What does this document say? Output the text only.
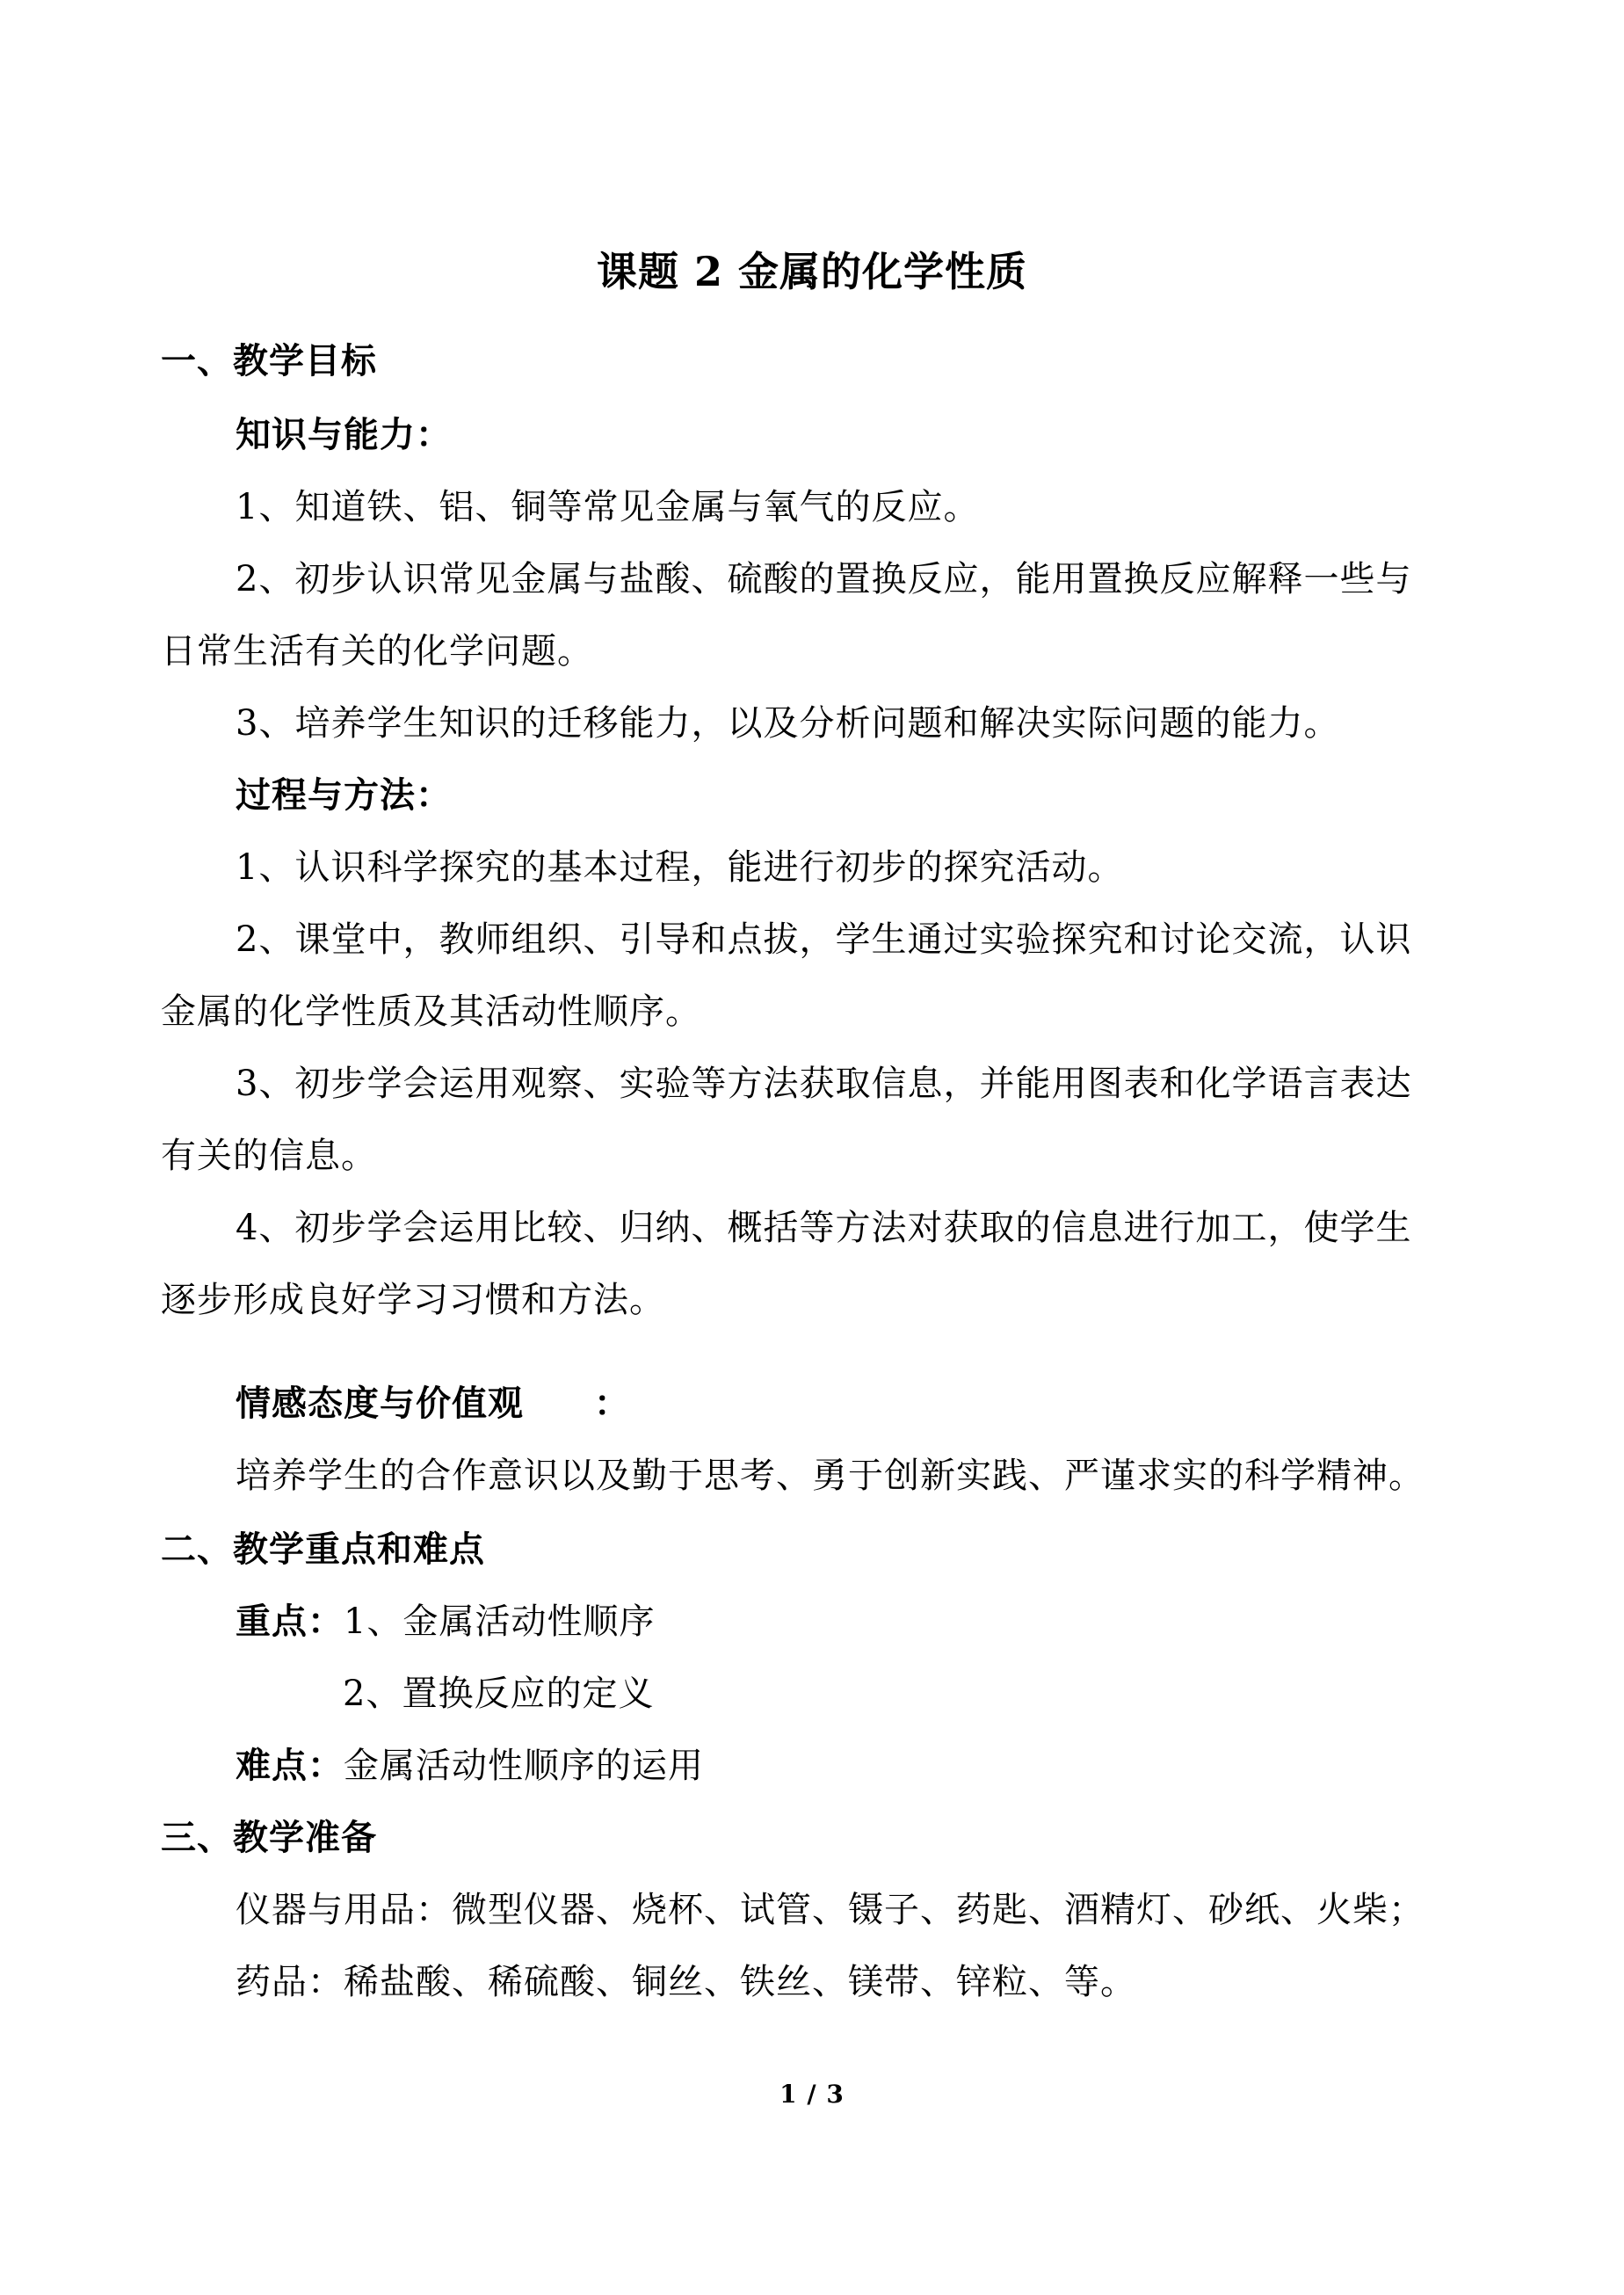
课题 2 金属的化学性质
一、教学目标
知识与能力：
1、知道铁、铝、铜等常见金属与氧气的反应。
2、初步认识常见金属与盐酸、硫酸的置换反应，能用置换反应解释一些与
日常生活有关的化学问题。
3、培养学生知识的迁移能力，以及分析问题和解决实际问题的能力。
过程与方法：
1、认识科学探究的基本过程，能进行初步的探究活动。
2、课堂中，教师组织、引导和点拔，学生通过实验探究和讨论交流，认识
金属的化学性质及其活动性顺序。
3、初步学会运用观察、实验等方法获取信息，并能用图表和化学语言表达
有关的信息。
4、初步学会运用比较、归纳、概括等方法对获取的信息进行加工，使学生
逐步形成良好学习习惯和方法。
情感态度与价值观 ：
培养学生的合作意识以及勤于思考、勇于创新实践、严谨求实的科学精神。
二、教学重点和难点
重点：1、金属活动性顺序
2、置换反应的定义
难点：金属活动性顺序的运用
三、教学准备
仪器与用品：微型仪器、烧杯、试管、镊子、药匙、酒精灯、砂纸、火柴；
药品：稀盐酸、稀硫酸、铜丝、铁丝、镁带、锌粒、等。
1 / 3
